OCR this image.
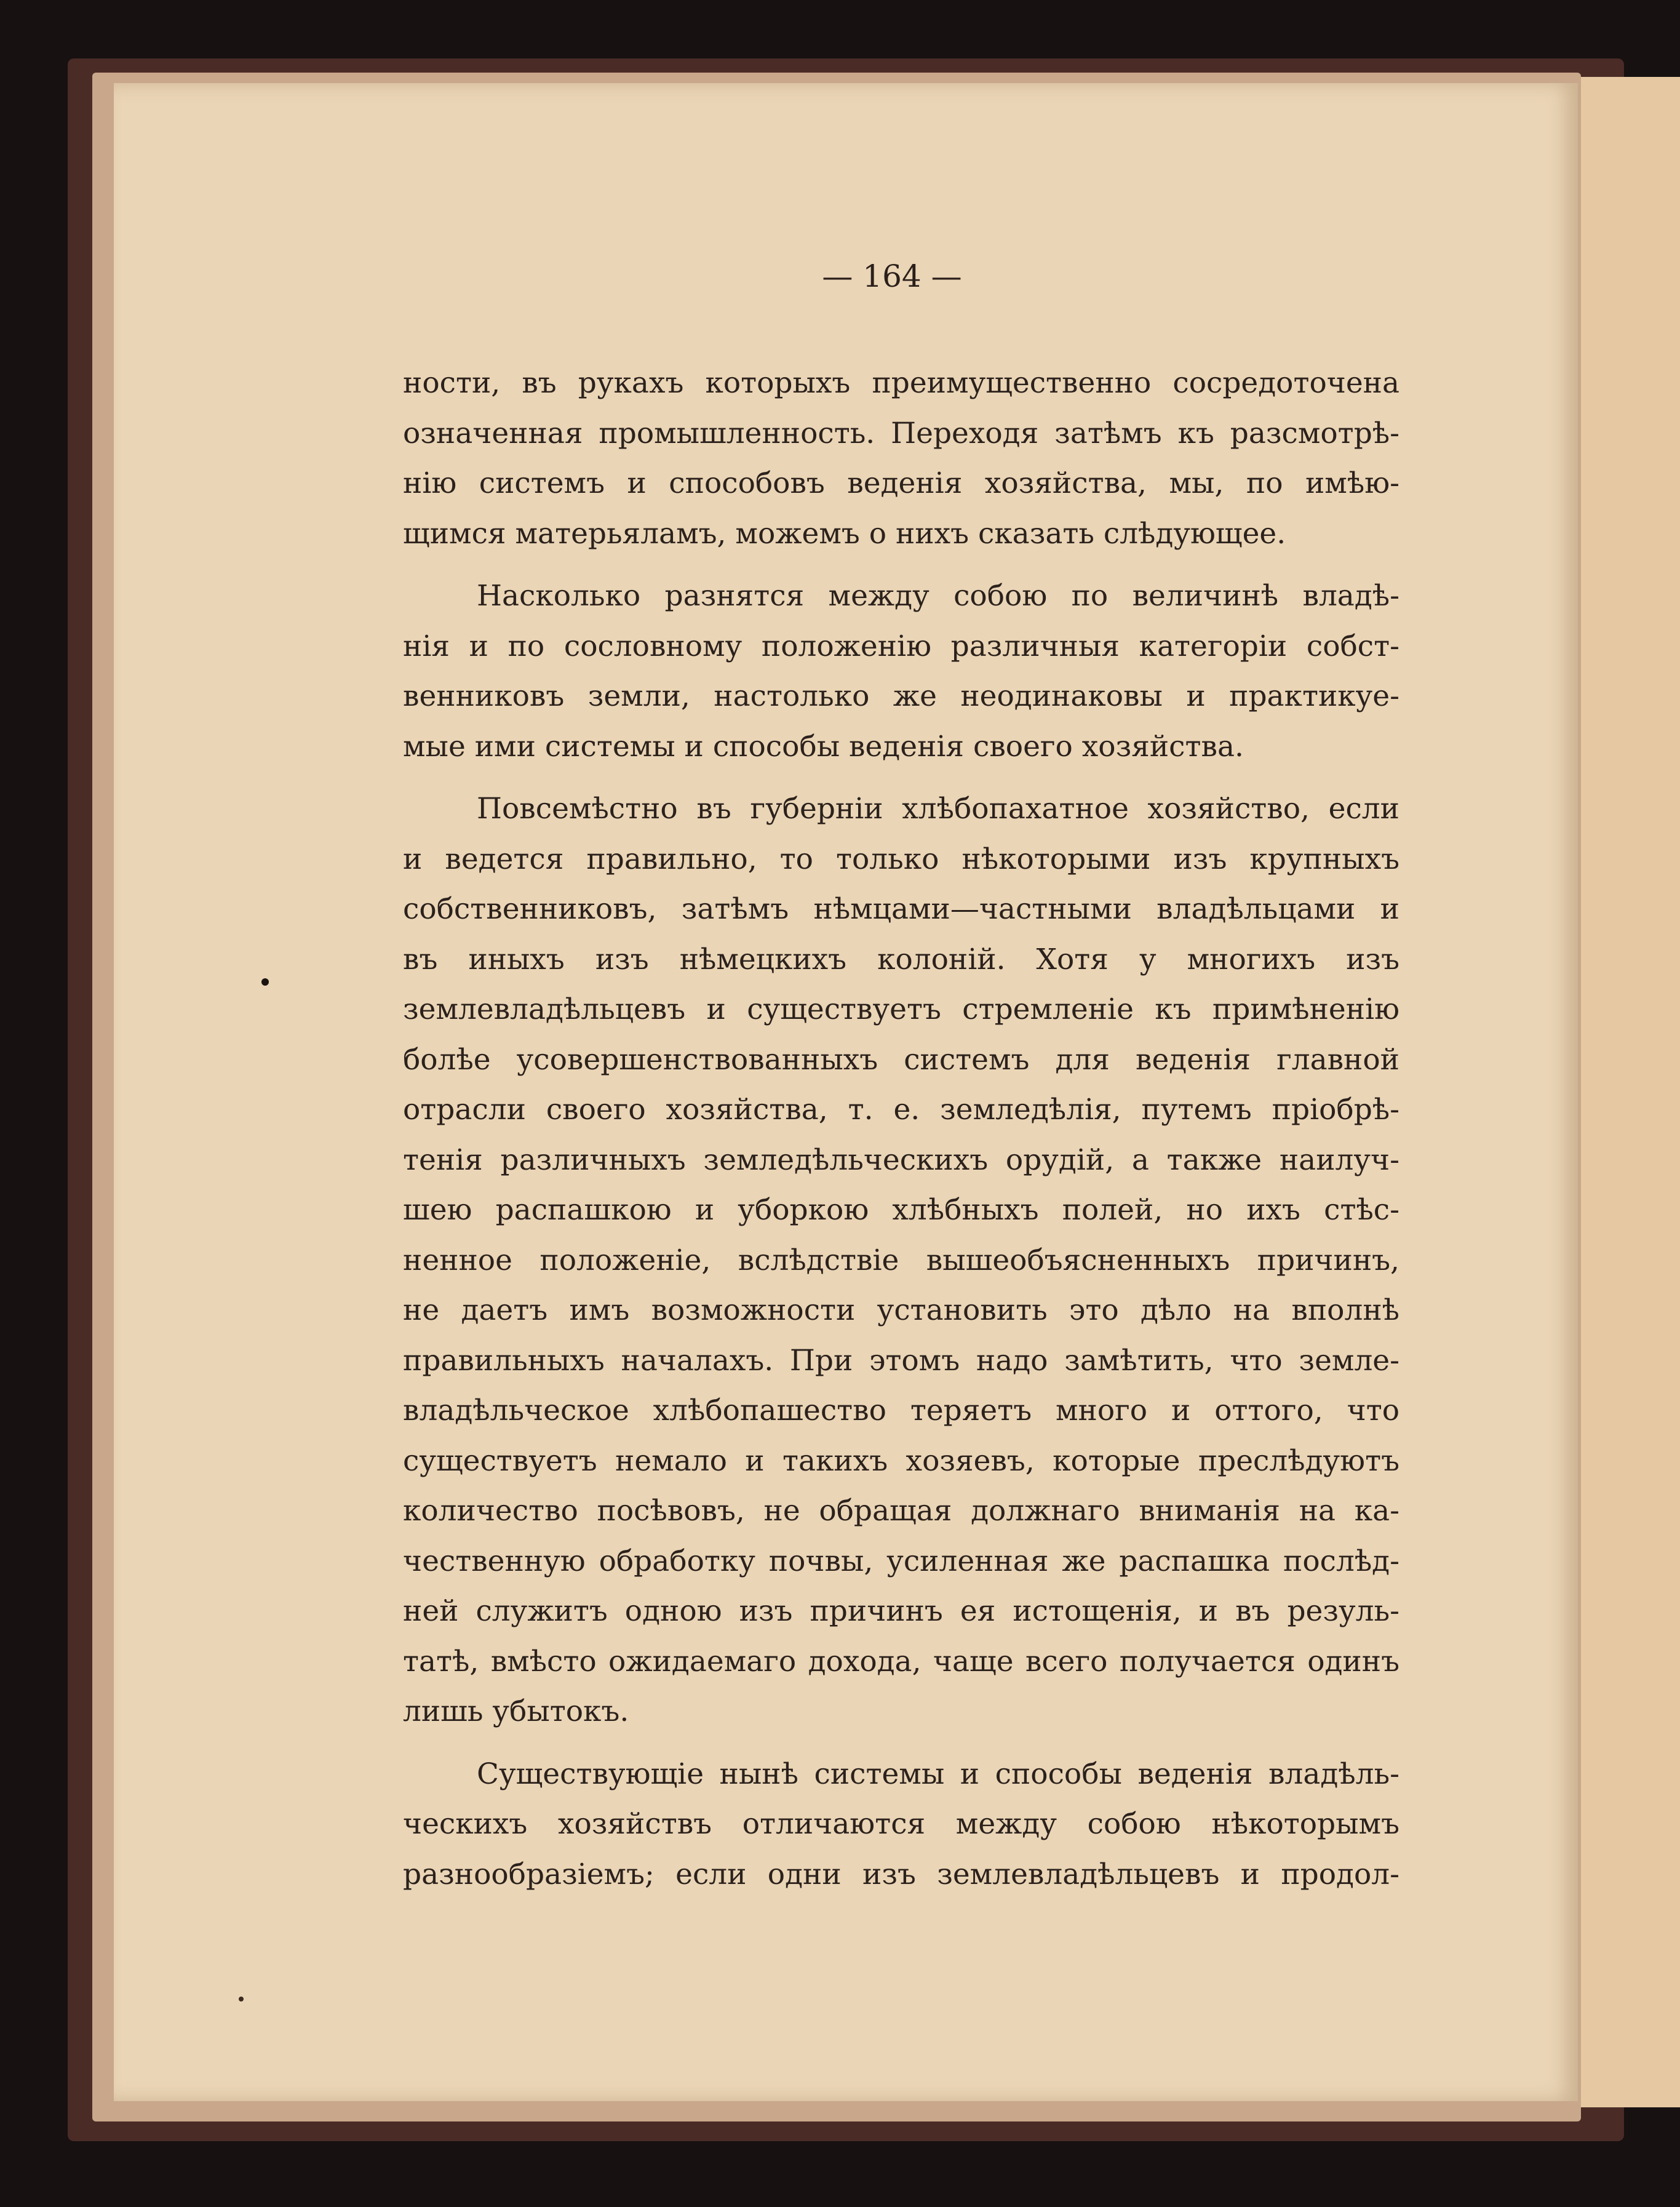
— 164 —
ности, въ рукахъ которыхъ преимущественно сосредоточена
означенная промышленность. Переходя затѣмъ къ разсмотрѣ-
нію системъ и способовъ веденія хозяйства, мы, по имѣю-
щимся матерьяламъ, можемъ о нихъ сказать слѣдующее.
Насколько разнятся между собою по величинѣ владѣ-
нія и по сословному положенію различныя категоріи собст-
венниковъ земли, настолько же неодинаковы и практикуе-
мые ими системы и способы веденія своего хозяйства.
Повсемѣстно въ губерніи хлѣбопахатное хозяйство, если
и ведется правильно, то только нѣкоторыми изъ крупныхъ
собственниковъ, затѣмъ нѣмцами—частными владѣльцами и
въ иныхъ изъ нѣмецкихъ колоній. Хотя у многихъ изъ
землевладѣльцевъ и существуетъ стремленіе къ примѣненію
болѣе усовершенствованныхъ системъ для веденія главной
отрасли своего хозяйства, т. е. земледѣлія, путемъ пріобрѣ-
тенія различныхъ земледѣльческихъ орудій, а также наилуч-
шею распашкою и уборкою хлѣбныхъ полей, но ихъ стѣс-
ненное положеніе, вслѣдствіе вышеобъясненныхъ причинъ,
не даетъ имъ возможности установить это дѣло на вполнѣ
правильныхъ началахъ. При этомъ надо замѣтить, что земле-
владѣльческое хлѣбопашество теряетъ много и оттого, что
существуетъ немало и такихъ хозяевъ, которые преслѣдуютъ
количество посѣвовъ, не обращая должнаго вниманія на ка-
чественную обработку почвы, усиленная же распашка послѣд-
ней служитъ одною изъ причинъ ея истощенія, и въ резуль-
татѣ, вмѣсто ожидаемаго дохода, чаще всего получается одинъ
лишь убытокъ.
Существующіе нынѣ системы и способы веденія владѣль-
ческихъ хозяйствъ отличаются между собою нѣкоторымъ
разнообразіемъ; если одни изъ землевладѣльцевъ и продол-
